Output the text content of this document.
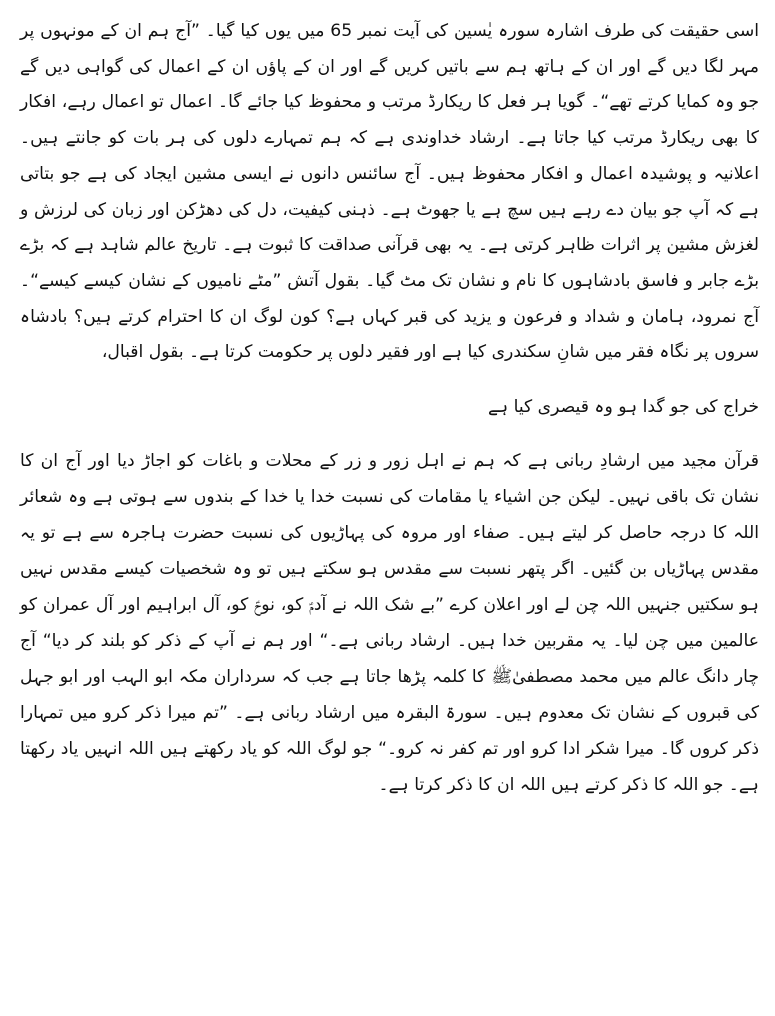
اسی حقیقت کی طرف اشارہ سورہ یٰسین کی آیت نمبر 65 میں یوں کیا گیا۔ ”آج ہم ان کے مونہوں پر مہر لگا دیں گے اور ان کے ہاتھ ہم سے باتیں کریں گے اور ان کے پاؤں ان کے اعمال کی گواہی دیں گے جو وہ کمایا کرتے تھے“۔ گویا ہر فعل کا ریکارڈ مرتب و محفوظ کیا جائے گا۔ اعمال تو اعمال رہے، افکار کا بھی ریکارڈ مرتب کیا جاتا ہے۔ ارشاد خداوندی ہے کہ ہم تمہارے دلوں کی ہر بات کو جانتے ہیں۔ اعلانیہ و پوشیدہ اعمال و افکار محفوظ ہیں۔ آج سائنس دانوں نے ایسی مشین ایجاد کی ہے جو بتاتی ہے کہ آپ جو بیان دے رہے ہیں سچ ہے یا جھوٹ ہے۔ ذہنی کیفیت، دل کی دھڑکن اور زبان کی لرزش و لغزش مشین پر اثرات ظاہر کرتی ہے۔ یہ بھی قرآنی صداقت کا ثبوت ہے۔ تاریخ عالم شاہد ہے کہ بڑے بڑے جابر و فاسق بادشاہوں کا نام و نشان تک مٹ گیا۔ بقول آتش ”مٹے نامیوں کے نشان کیسے کیسے“۔ آج نمرود، ہامان و شداد و فرعون و یزید کی قبر کہاں ہے؟ کون لوگ ان کا احترام کرتے ہیں؟ بادشاہ سروں پر نگاہ فقر میں شانِ سکندری کیا ہے اور فقیر دلوں پر حکومت کرتا ہے۔ بقول اقبال،

خراج کی جو گدا ہو وہ قیصری کیا ہے

قرآن مجید میں ارشادِ ربانی ہے کہ ہم نے اہل زور و زر کے محلات و باغات کو اجاڑ دیا اور آج ان کا نشان تک باقی نہیں۔ لیکن جن اشیاء یا مقامات کی نسبت خدا یا خدا کے بندوں سے ہوتی ہے وہ شعائر اللہ کا درجہ حاصل کر لیتے ہیں۔ صفاء اور مروہ کی پہاڑیوں کی نسبت حضرت ہاجرہ سے ہے تو یہ مقدس پہاڑیاں بن گئیں۔ اگر پتھر نسبت سے مقدس ہو سکتے ہیں تو وہ شخصیات کیسے مقدس نہیں ہو سکتیں جنہیں اللہ چن لے اور اعلان کرے ”بے شک اللہ نے آدمؑ کو، نوحؑ کو، آل ابراہیم اور آل عمران کو عالمین میں چن لیا۔ یہ مقربین خدا ہیں۔ ارشاد ربانی ہے۔“ اور ہم نے آپ کے ذکر کو بلند کر دیا“ آج چار دانگ عالم میں محمد مصطفیٰﷺ کا کلمہ پڑھا جاتا ہے جب کہ سرداران مکہ ابو الہب اور ابو جہل کی قبروں کے نشان تک معدوم ہیں۔ سورۃ البقرہ میں ارشاد ربانی ہے۔ ”تم میرا ذکر کرو میں تمہارا ذکر کروں گا۔ میرا شکر ادا کرو اور تم کفر نہ کرو۔“ جو لوگ اللہ کو یاد رکھتے ہیں اللہ انہیں یاد رکھتا ہے۔ جو اللہ کا ذکر کرتے ہیں اللہ ان کا ذکر کرتا ہے۔
